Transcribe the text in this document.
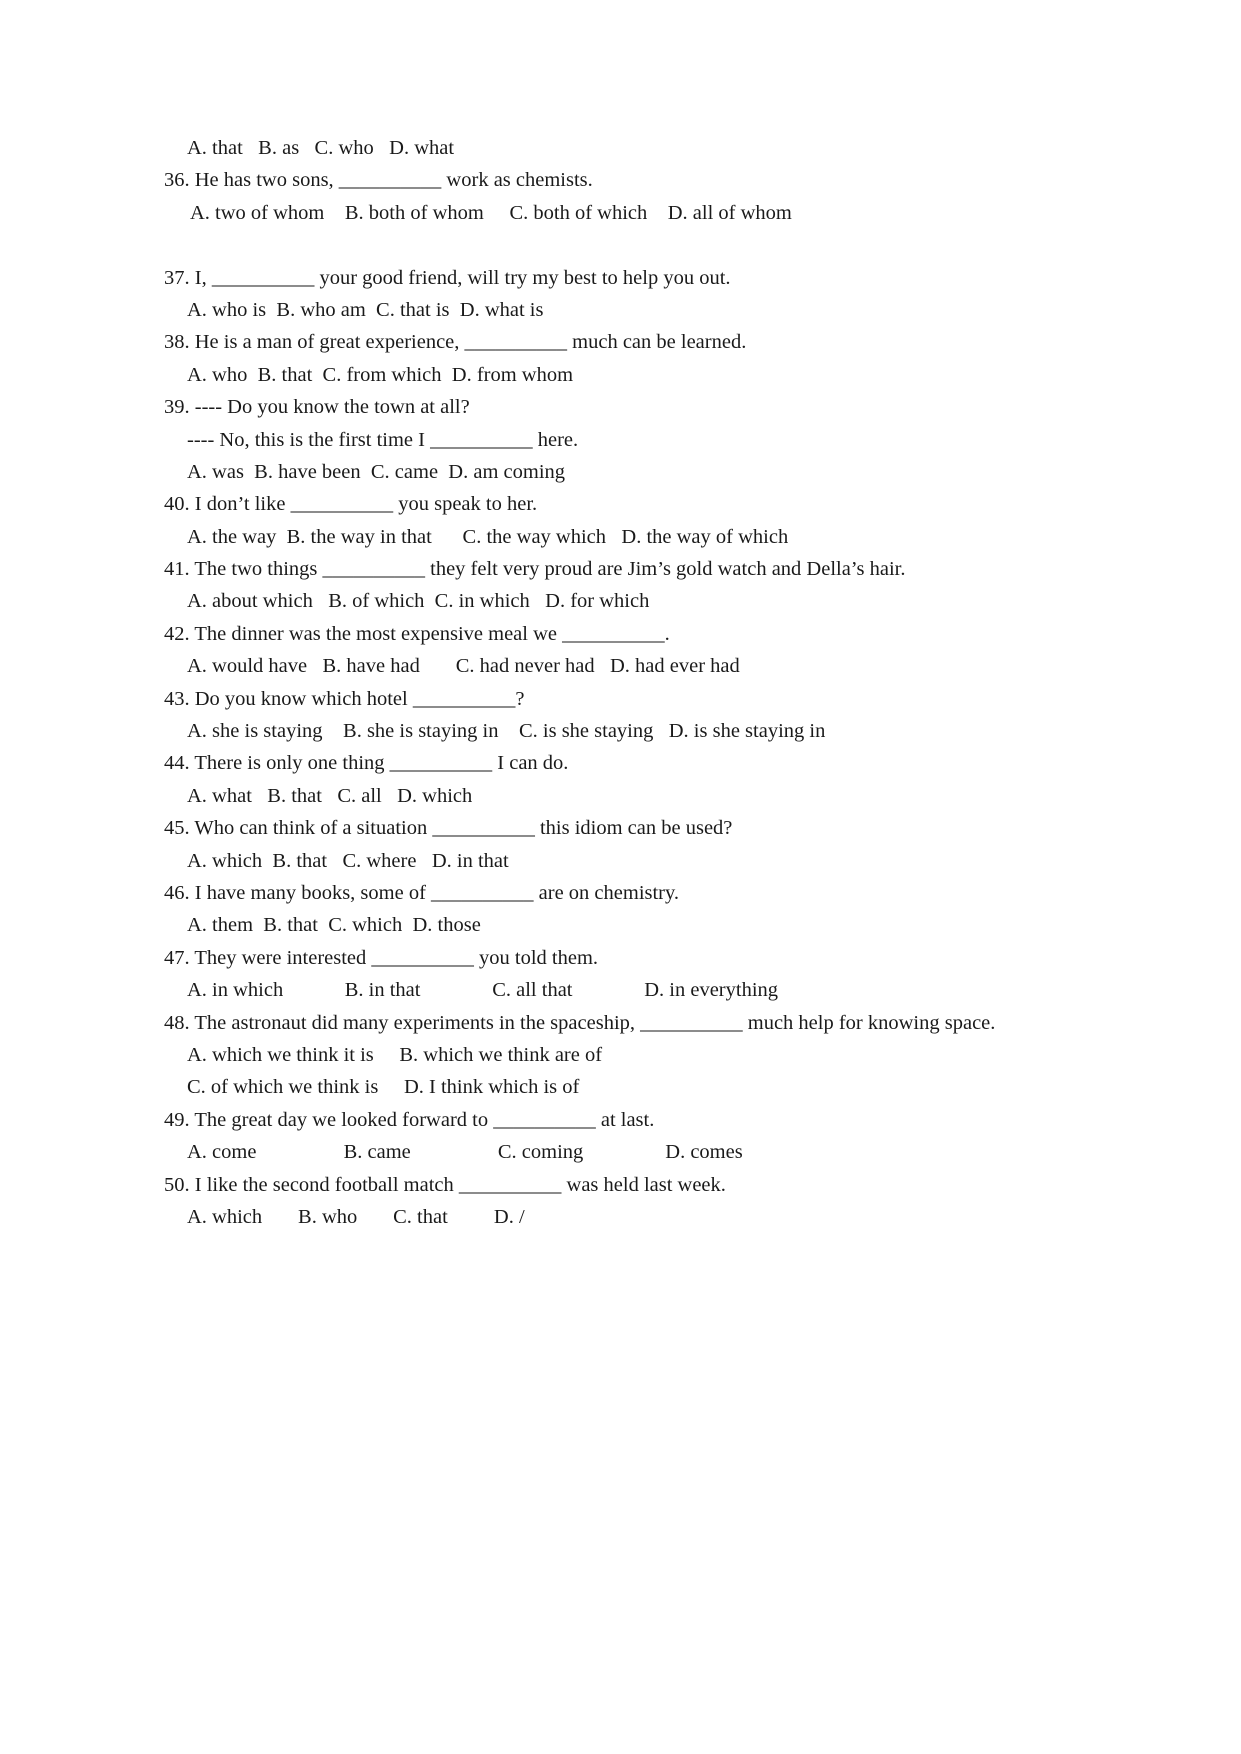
A. that   B. as   C. who   D. what
36. He has two sons, __________ work as chemists.
A. two of whom    B. both of whom     C. both of which    D. all of whom
37. I, __________ your good friend, will try my best to help you out.
A. who is  B. who am  C. that is  D. what is
38. He is a man of great experience, __________ much can be learned.
A. who  B. that  C. from which  D. from whom
39. ---- Do you know the town at all?
---- No, this is the first time I __________ here.
A. was  B. have been  C. came  D. am coming
40. I don’t like __________ you speak to her.
A. the way  B. the way in that      C. the way which   D. the way of which
41. The two things __________ they felt very proud are Jim’s gold watch and Della’s hair.
A. about which   B. of which  C. in which   D. for which
42. The dinner was the most expensive meal we __________.
A. would have   B. have had       C. had never had   D. had ever had
43. Do you know which hotel __________?
A. she is staying    B. she is staying in    C. is she staying   D. is she staying in
44. There is only one thing __________ I can do.
A. what   B. that   C. all   D. which
45. Who can think of a situation __________ this idiom can be used?
A. which  B. that   C. where   D. in that
46. I have many books, some of __________ are on chemistry.
A. them  B. that  C. which  D. those
47. They were interested __________ you told them.
A. in which            B. in that              C. all that              D. in everything
48. The astronaut did many experiments in the spaceship, __________ much help for knowing space.
A. which we think it is     B. which we think are of
C. of which we think is     D. I think which is of
49. The great day we looked forward to __________ at last.
A. come                 B. came                 C. coming                D. comes
50. I like the second football match __________ was held last week.
A. which       B. who       C. that         D. /
